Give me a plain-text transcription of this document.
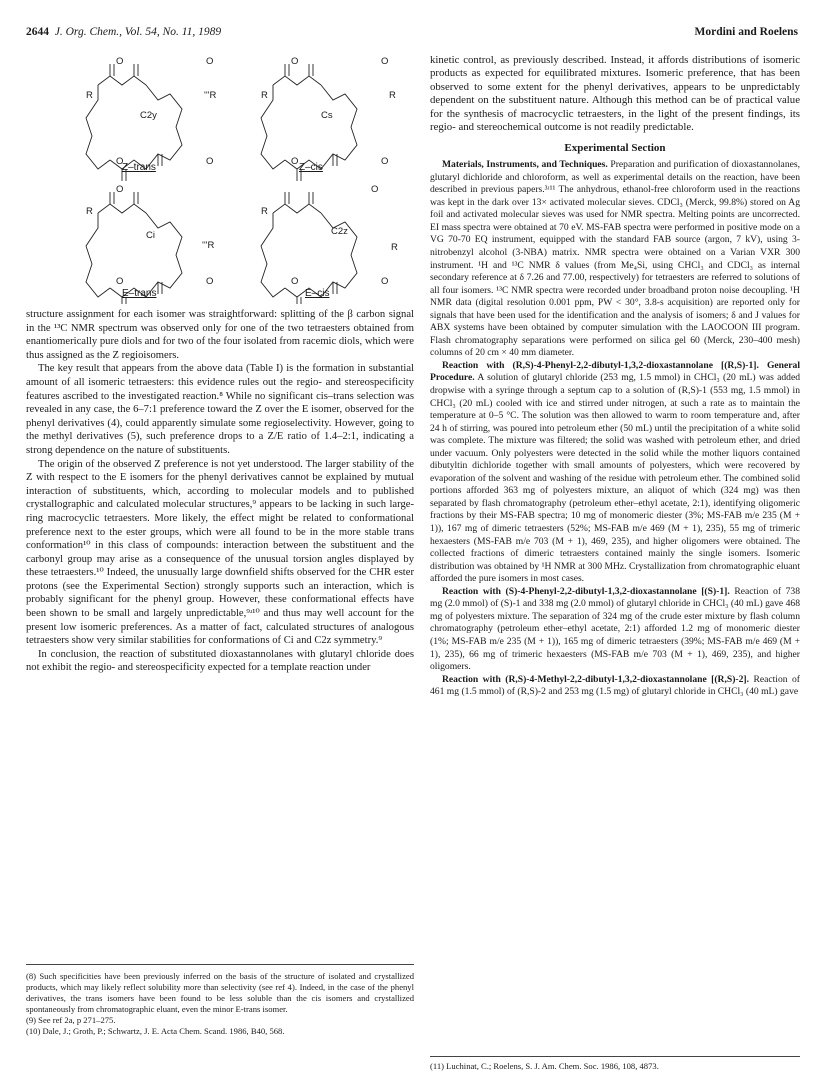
2644 J. Org. Chem., Vol. 54, No. 11, 1989	Mordini and Roelens
O	O
R	'''R
C2y
O	O
Z–trans
O	O
R	R
Cs
O	O
Z–cis
O
R
'''R
Ci
O	O
E–trans
O
R
R
C2z
O	O
E–cis

structure assignment for each isomer was straightforward: splitting of the β carbon signal in the ¹³C NMR spectrum was observed only for one of the two tetraesters obtained from enantiomerically pure diols and for two of the four isolated from racemic diols, which were thus assigned as the Z regioisomers.

The key result that appears from the above data (Table I) is the formation in substantial amount of all isomeric tetraesters: this evidence rules out the regio- and stereospecificity features ascribed to the investigated reaction.⁸ While no significant cis–trans selection was revealed in any case, the 6–7:1 preference toward the Z over the E isomer, observed for the phenyl derivatives (4), could apparently simulate some regioselectivity. However, going to the methyl derivatives (5), such preference drops to a Z/E ratio of 1.4–2:1, indicating a strong dependence on the nature of substituents.

The origin of the observed Z preference is not yet understood. The larger stability of the Z with respect to the E isomers for the phenyl derivatives cannot be explained by mutual interaction of substituents, which, according to molecular models and to published crystallographic and calculated molecular structures,⁹ appears to be lacking in such large-ring macrocyclic tetraesters. More likely, the effect might be related to conformational preference next to the ester groups, which were all found to be in the more stable trans conformation¹⁰ in this class of compounds: interaction between the substituent and the carbonyl group may arise as a consequence of the unusual torsion angles displayed by these tetraesters.¹⁰ Indeed, the unusually large downfield shifts observed for the CHR ester protons (see the Experimental Section) strongly supports such an interaction, which is probably significant for the phenyl group. However, these conformational effects have been shown to be small and largely unpredictable,⁹ʴ¹⁰ and thus may well account for the present low isomeric preferences. As a matter of fact, calculated structures of analogous tetraesters show very similar stabilities for conformations of Ci and C2z symmetry.⁹

In conclusion, the reaction of substituted dioxastannolanes with glutaryl chloride does not exhibit the regio- and stereospecificity expected for a template reaction under

(8) Such specificities have been previously inferred on the basis of the structure of isolated and crystallized products, which may likely reflect solubility more than selectivity (see ref 4). Indeed, in the case of the phenyl derivatives, the trans isomers have been found to be less soluble than the cis isomers and crystallized spontaneously from chromatographic eluant, even the minor E-trans isomer.

(9) See ref 2a, p 271–275.

(10) Dale, J.; Groth, P.; Schwartz, J. E. Acta Chem. Scand. 1986, B40, 568.

kinetic control, as previously described. Instead, it affords distributions of isomeric products as expected for equilibrated mixtures. Isomeric preference, that has been observed to some extent for the phenyl derivatives, appears to be unpredictably dependent on the substituent nature. Although this method can be of practical value for the synthesis of macrocyclic tetraesters, in the light of the present findings, its regio- and stereochemical outcome is not readily predictable.

Experimental Section

Materials, Instruments, and Techniques. Preparation and purification of dioxastannolanes, glutaryl dichloride and chloroform, as well as experimental details on the reaction, have been described in previous papers.³ʴ¹¹ The anhydrous, ethanol-free chloroform used in the reactions was kept in the dark over 13× activated molecular sieves. CDCl₃ (Merck, 99.8%) stored on Ag foil and activated molecular sieves was used for NMR spectra. Melting points are uncorrected. EI mass spectra were obtained at 70 eV. MS-FAB spectra were performed in positive mode on a VG 70-70 EQ instrument, equipped with the standard FAB source (argon, 7 kV), using 3-nitrobenzyl alcohol (3-NBA) matrix. NMR spectra were obtained on a Varian VXR 300 instrument. ¹H and ¹³C NMR δ values (from Me₄Si, using CHCl₃ and CDCl₃ as internal secondary reference at δ 7.26 and 77.00, respectively) for tetraesters are referred to solutions of all four isomers. ¹³C NMR spectra were recorded under broadband proton noise decoupling. ¹H NMR data (digital resolution 0.001 ppm, PW < 30°, 3.8-s acquisition) are reported only for signals that have been used for the identification and the analysis of isomers; δ and J values for ABX systems have been obtained by computer simulation with the LAOCOON III program. Flash chromatography separations were performed on silica gel 60 (Merck, 230–400 mesh) columns of 20 cm × 40 mm diameter.

Reaction with (R,S)-4-Phenyl-2,2-dibutyl-1,3,2-dioxastannolane [(R,S)-1]. General Procedure. A solution of glutaryl chloride (253 mg, 1.5 mmol) in CHCl₃ (20 mL) was added dropwise with a syringe through a septum cap to a solution of (R,S)-1 (553 mg, 1.5 mmol) in CHCl₃ (20 mL) cooled with ice and stirred under nitrogen, at such a rate as to maintain the temperature at 0–5 °C. The solution was then allowed to warm to room temperature and, after 24 h of stirring, was poured into petroleum ether (50 mL) until the precipitation of a white solid was complete. The mixture was filtered; the solid was washed with petroleum ether, and dried under vacuum. Only polyesters were detected in the solid while the mother liquors contained dibutyltin dichloride together with small amounts of polyesters, which were recovered by evaporation of the solvent and washing of the residue with petroleum ether. The combined solid portions afforded 363 mg of polyesters mixture, an aliquot of which (324 mg) was then separated by flash chromatography (petroleum ether–ethyl acetate, 2:1), identifying oligomeric fractions by their MS-FAB spectra; 10 mg of monomeric diester (3%; MS-FAB m/e 235 (M + 1)), 167 mg of dimeric tetraesters (52%; MS-FAB m/e 469 (M + 1), 235), 55 mg of trimeric hexaesters (MS-FAB m/e 703 (M + 1), 469, 235), and higher oligomers were obtained. The collected fractions of dimeric tetraesters contained mainly the single isomers. Isomeric distribution was obtained by ¹H NMR at 300 MHz. Crystallization from chromatographic eluant afforded the pure isomers in most cases.

Reaction with (S)-4-Phenyl-2,2-dibutyl-1,3,2-dioxastannolane [(S)-1]. Reaction of 738 mg (2.0 mmol) of (S)-1 and 338 mg (2.0 mmol) of glutaryl chloride in CHCl₃ (40 mL) gave 468 mg of polyesters mixture. The separation of 324 mg of the crude ester mixture by flash column chromatography (petroleum ether–ethyl acetate, 2:1) afforded 1.2 mg of monomeric diester (1%; MS-FAB m/e 235 (M + 1)), 165 mg of dimeric tetraesters (39%; MS-FAB m/e 469 (M + 1), 235), 66 mg of trimeric hexaesters (MS-FAB m/e 703 (M + 1), 469, 235), and higher oligomers.

Reaction with (R,S)-4-Methyl-2,2-dibutyl-1,3,2-dioxastannolane [(R,S)-2]. Reaction of 461 mg (1.5 mmol) of (R,S)-2 and 253 mg (1.5 mg) of glutaryl chloride in CHCl₃ (40 mL) gave

(11) Luchinat, C.; Roelens, S. J. Am. Chem. Soc. 1986, 108, 4873.
